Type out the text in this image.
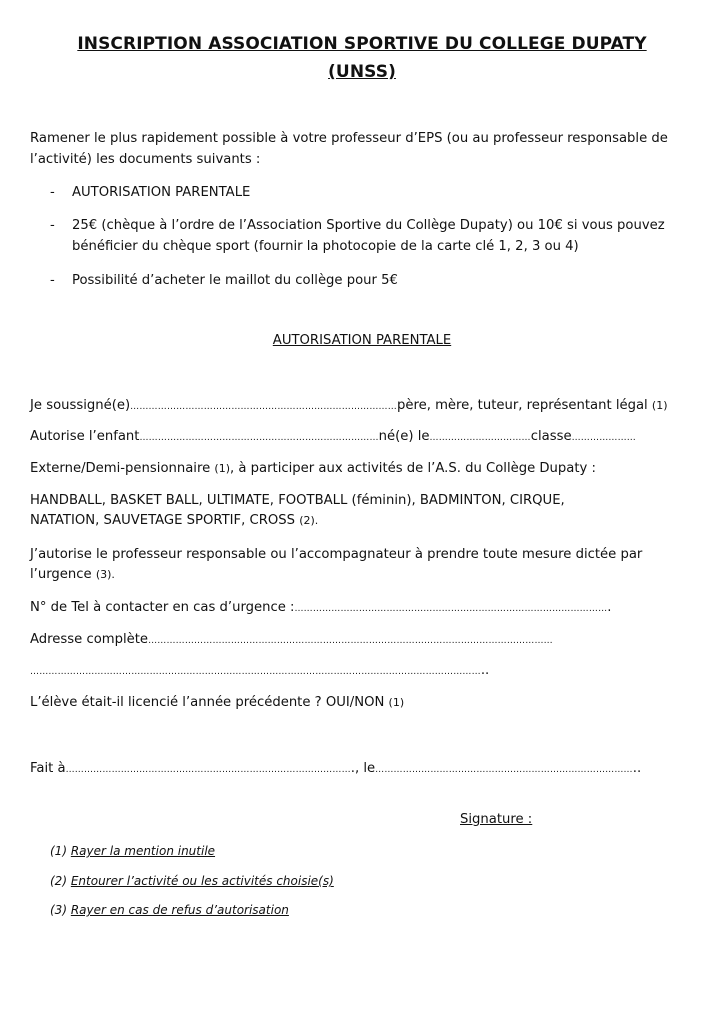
INSCRIPTION ASSOCIATION SPORTIVE DU COLLEGE DUPATY
(UNSS)
Ramener le plus rapidement possible à votre professeur d’EPS (ou au professeur responsable de
l’activité) les documents suivants :
- AUTORISATION PARENTALE
- 25€ (chèque à l’ordre de l’Association Sportive du Collège Dupaty) ou 10€ si vous pouvez
bénéficier du chèque sport (fournir la photocopie de la carte clé 1, 2, 3 ou 4)
- Possibilité d’acheter le maillot du collège pour 5€
AUTORISATION PARENTALE
Je soussigné(e)……………………………………………………………………………père, mère, tuteur, représentant légal (1)
Autorise l’enfant……………………………………………………………………né(e) le……………………………classe…………………
Externe/Demi-pensionnaire (1), à participer aux activités de l’A.S. du Collège Dupaty :
HANDBALL, BASKET BALL, ULTIMATE, FOOTBALL (féminin), BADMINTON, CIRQUE,
NATATION, SAUVETAGE SPORTIF, CROSS (2).
J’autorise le professeur responsable ou l’accompagnateur à prendre toute mesure dictée par
l’urgence (3).
N° de Tel à contacter en cas d’urgence :………………………………………………………………………………………….
Adresse complète……………………………………………………………………………………………………………………
…………………………………………………………………………………………………………………………………..
L’élève était-il licencié l’année précédente ? OUI/NON (1)
Fait à…………………………………………………………………………………., le…………………………………………………………………………..
Signature :
(1) Rayer la mention inutile
(2) Entourer l’activité ou les activités choisie(s)
(3) Rayer en cas de refus d’autorisation
